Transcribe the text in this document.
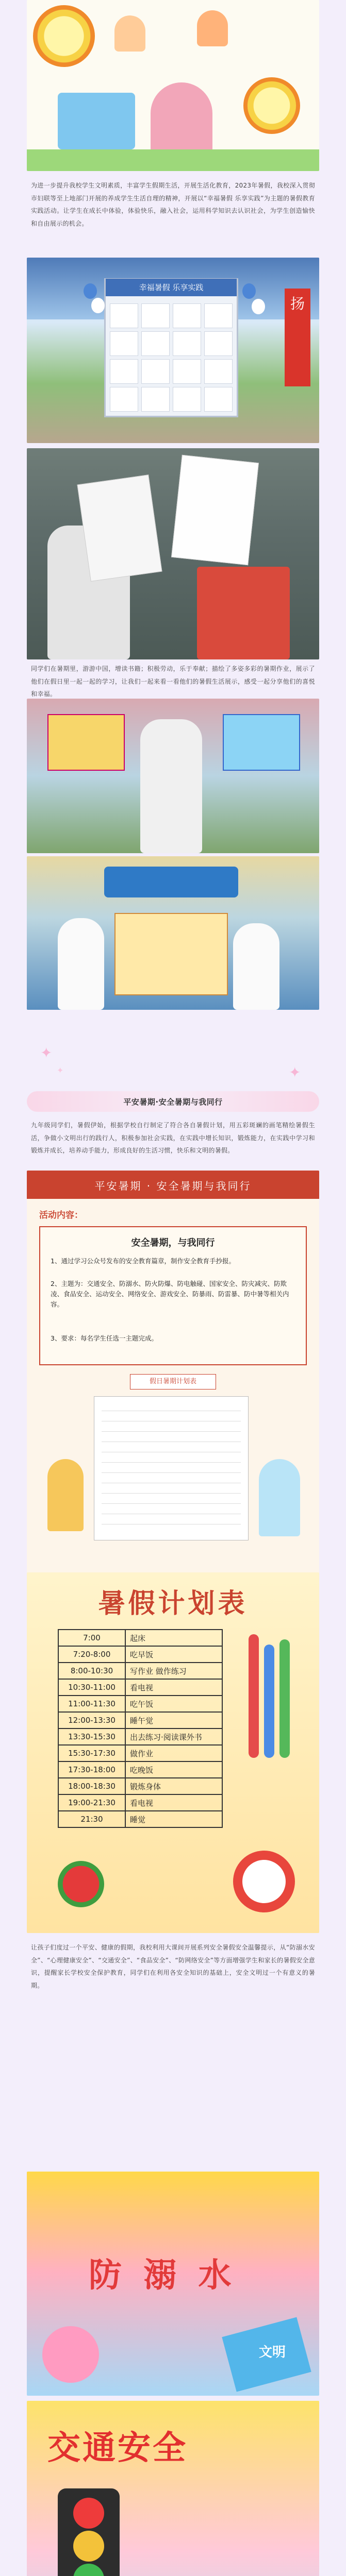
为进一步提升我校学生文明素质，丰富学生假期生活，开展生活化教育，2023年暑假，我校深入贯彻市妇联等至上地部门开展的养成学生生活自理的精神，开展以“幸福暑假 乐享实践”为主题的暑假教育实践活动。让学生在成长中体验，体验快乐，融入社会，运用科学知识去认识社会，为学生创造愉快和自由展示的机会。
幸福暑假 乐享实践
扬
同学们在暑期里，游游中国，增读书籍；积极劳动，乐于奉献；描绘了多姿多彩的暑期作业，展示了他们在假日里一起一起的学习，让我们一起来看一看他们的暑假生活展示，感受一起分享他们的喜悦和幸福。
✦
✦
✦
平安暑期·安全暑期与我同行
九年级同学们，暑假伊始，根据学校自行制定了符合各自暑假计划，用五彩斑斓的画笔精绘暑假生活，争做小文明出行的践行人，积极参加社会实践，在实践中增长知识，锻炼能力，在实践中学习和锻炼并成长，培养动手能力，形成良好的生活习惯，快乐和文明的暑假。
平安暑期 · 安全暑期与我同行
活动内容：
安全暑期，与我同行

1、通过学习公众号发布的安全教育篇章，制作安全教育手抄报。

2、主题为：交通安全、防溺水、防火防爆、防电触碰、国家安全、防灾减灾、防欺凌、食品安全、运动安全、网络安全、游戏安全、防暴雨、防雷暴、防中暑等相关内容。

3、要求：每名学生任选一主题完成。

假日暑期计划表
暑假计划表
7:00	起床
7:20-8:00	吃早饭
8:00-10:30	写作业 做作练习
10:30-11:00	看电视
11:00-11:30	吃午饭
12:00-13:30	睡午觉
13:30-15:30	出去练习·阅读课外书
15:30-17:30	做作业
17:30-18:00	吃晚饭
18:00-18:30	锻炼身体
19:00-21:30	看电视
21:30	睡觉
让孩子们度过一个平安、健康的假期，我校利用大课间开展系列安全暑假安全温馨提示，从“防溺水安全”、“心理健康安全”、“交通安全”、“食品安全”、“防网络安全”等方面增强学生和家长的暑假安全意识，提醒家长学校安全保护教育，同学们在利用各安全知识的基础上，安全文明过一个有意义的暑期。
防 溺 水
文明
交通安全
